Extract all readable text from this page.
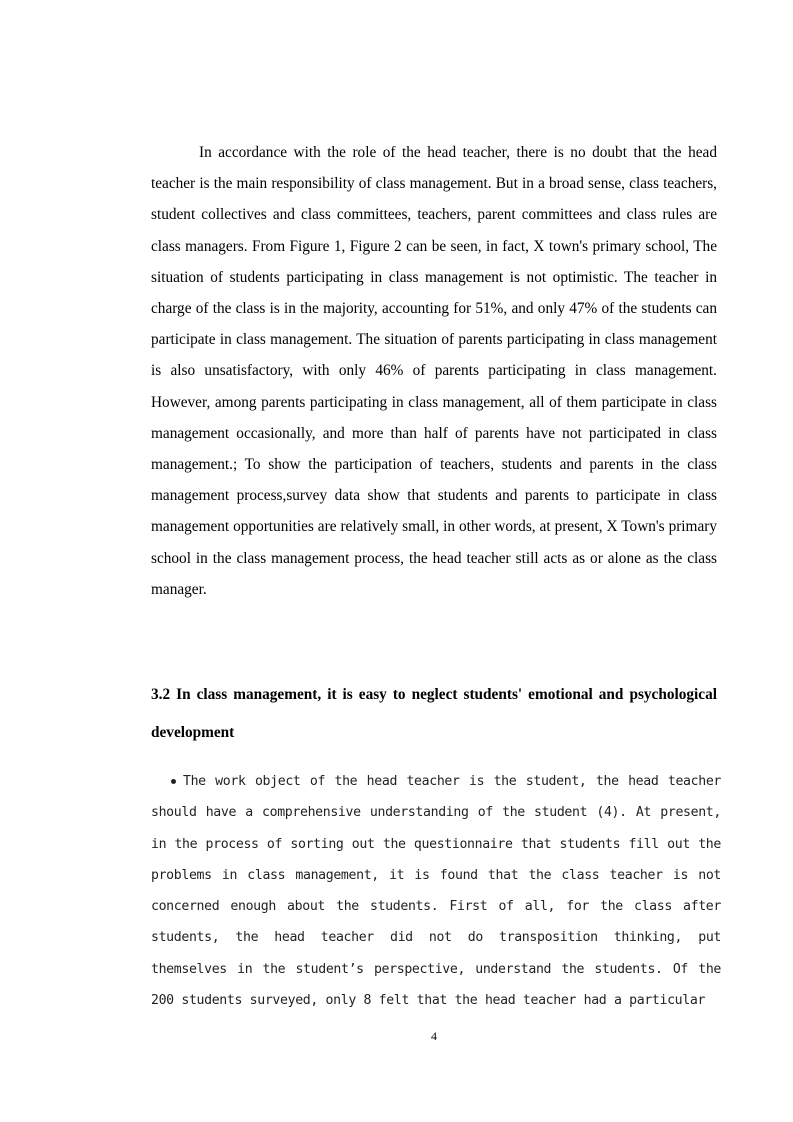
In accordance with the role of the head teacher, there is no doubt that the head teacher is the main responsibility of class management. But in a broad sense, class teachers, student collectives and class committees, teachers, parent committees and class rules are class managers. From Figure 1, Figure 2 can be seen, in fact, X town's primary school, The situation of students participating in class management is not optimistic. The teacher in charge of the class is in the majority, accounting for 51%, and only 47% of the students can participate in class management. The situation of parents participating in class management is also unsatisfactory, with only 46% of parents participating in class management. However, among parents participating in class management, all of them participate in class management occasionally, and more than half of parents have not participated in class management.; To show the participation of teachers, students and parents in the class management process,survey data show that students and parents to participate in class management opportunities are relatively small, in other words, at present, X Town's primary school in the class management process, the head teacher still acts as or alone as the class manager.

3.2 In class management, it is easy to neglect students' emotional and psychological development
The work object of the head teacher is the student, the head teacher should have a comprehensive understanding of the student (4). At present, in the process of sorting out the questionnaire that students fill out the problems in class management, it is found that the class teacher is not concerned enough about the students. First of all, for the class after students, the head teacher did not do transposition thinking, put themselves in the student’s perspective, understand the students. Of the 200 students surveyed, only 8 felt that the head teacher had a particular
4
